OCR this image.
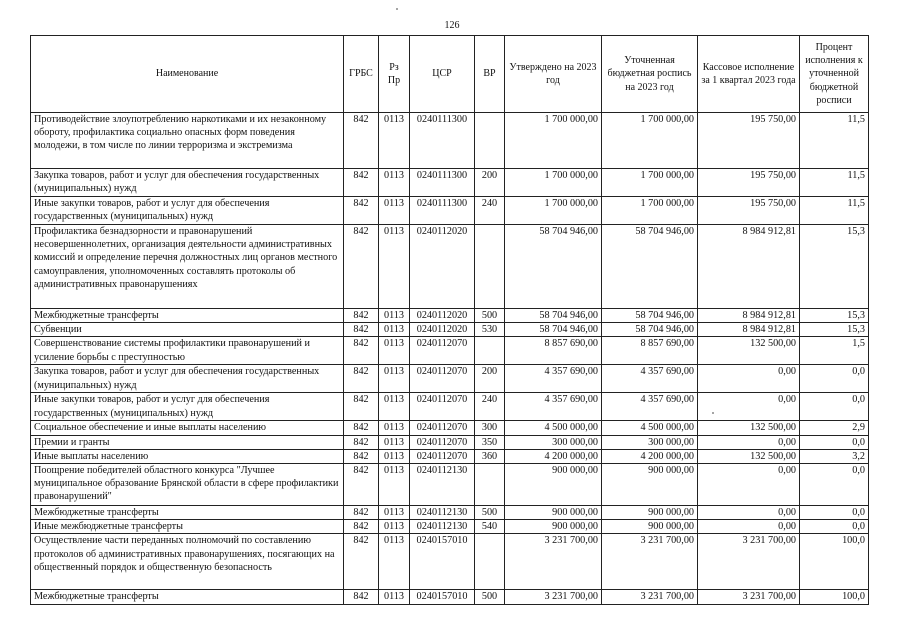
126
Наименование	ГРБС	Рз Пр	ЦСР	ВР	Утверждено на 2023 год	Уточненная бюджетная роспись на 2023 год	Кассовое исполнение за 1 квартал 2023 года	Процент исполнения к уточненной бюджетной росписи
Противодействие злоупотреблению наркотиками и их незаконному обороту, профилактика социально опасных форм поведения молодежи, в том числе по линии терроризма и экстремизма	842	0113	0240111300		1 700 000,00	1 700 000,00	195 750,00	11,5
Закупка товаров, работ и услуг для обеспечения государственных (муниципальных) нужд	842	0113	0240111300	200	1 700 000,00	1 700 000,00	195 750,00	11,5
Иные закупки товаров, работ и услуг для обеспечения государственных (муниципальных) нужд	842	0113	0240111300	240	1 700 000,00	1 700 000,00	195 750,00	11,5
Профилактика безнадзорности и правонарушений несовершеннолетних, организация деятельности административных комиссий и определение перечня должностных лиц органов местного самоуправления, уполномоченных составлять протоколы об административных правонарушениях	842	0113	0240112020		58 704 946,00	58 704 946,00	8 984 912,81	15,3
Межбюджетные трансферты	842	0113	0240112020	500	58 704 946,00	58 704 946,00	8 984 912,81	15,3
Субвенции	842	0113	0240112020	530	58 704 946,00	58 704 946,00	8 984 912,81	15,3
Совершенствование системы профилактики правонарушений и усиление борьбы с преступностью	842	0113	0240112070		8 857 690,00	8 857 690,00	132 500,00	1,5
Закупка товаров, работ и услуг для обеспечения государственных (муниципальных) нужд	842	0113	0240112070	200	4 357 690,00	4 357 690,00	0,00	0,0
Иные закупки товаров, работ и услуг для обеспечения государственных (муниципальных) нужд	842	0113	0240112070	240	4 357 690,00	4 357 690,00	0,00	0,0
Социальное обеспечение и иные выплаты населению	842	0113	0240112070	300	4 500 000,00	4 500 000,00	132 500,00	2,9
Премии и гранты	842	0113	0240112070	350	300 000,00	300 000,00	0,00	0,0
Иные выплаты населению	842	0113	0240112070	360	4 200 000,00	4 200 000,00	132 500,00	3,2
Поощрение победителей областного конкурса "Лучшее муниципальное образование Брянской области в сфере профилактики правонарушений"	842	0113	0240112130		900 000,00	900 000,00	0,00	0,0
Межбюджетные трансферты	842	0113	0240112130	500	900 000,00	900 000,00	0,00	0,0
Иные межбюджетные трансферты	842	0113	0240112130	540	900 000,00	900 000,00	0,00	0,0
Осуществление части переданных полномочий по составлению протоколов об административных правонарушениях, посягающих на общественный порядок и общественную безопасность	842	0113	0240157010		3 231 700,00	3 231 700,00	3 231 700,00	100,0
Межбюджетные трансферты	842	0113	0240157010	500	3 231 700,00	3 231 700,00	3 231 700,00	100,0
